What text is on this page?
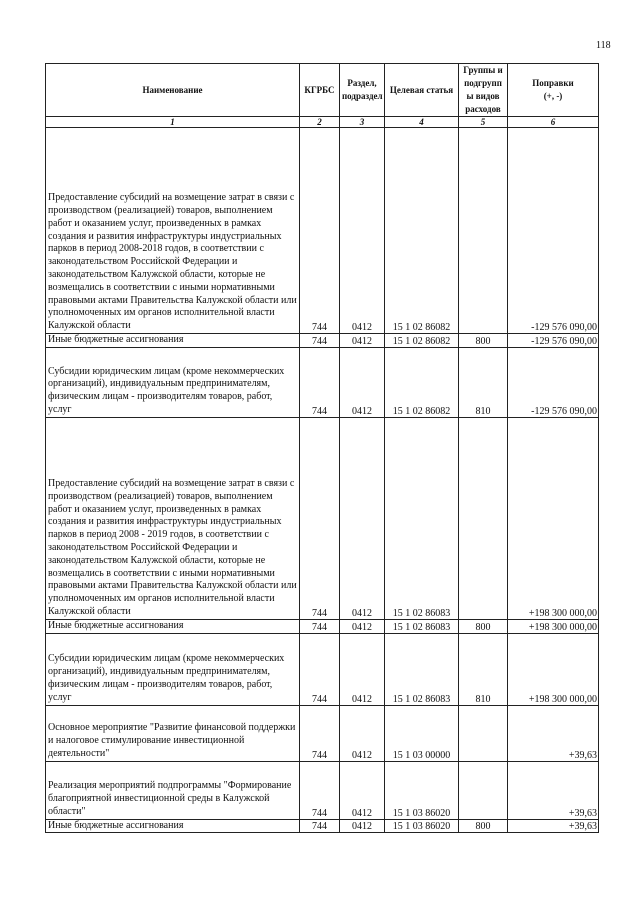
118
Наименование	КГРБС	Раздел, подраздел	Целевая статья	Группы и подгрупп ы видов расходов	Поправки
(+, -)
1	2	3	4	5	6
Предоставление субсидий на возмещение затрат в связи с производством (реализацией) товаров, выполнением работ и оказанием услуг, произведенных в рамках создания и развития инфраструктуры индустриальных парков в период 2008-2018 годов, в соответствии с законодательством Российской Федерации и законодательством Калужской области, которые не возмещались в соответствии с иными нормативными правовыми актами Правительства Калужской области или уполномоченных им органов исполнительной власти Калужской области	744	0412	15 1 02 86082		-129 576 090,00
Иные бюджетные ассигнования	744	0412	15 1 02 86082	800	-129 576 090,00
Субсидии юридическим лицам (кроме некоммерческих организаций), индивидуальным предпринимателям, физическим лицам - производителям товаров, работ, услуг	744	0412	15 1 02 86082	810	-129 576 090,00
Предоставление субсидий на возмещение затрат в связи с производством (реализацией) товаров, выполнением работ и оказанием услуг, произведенных в рамках создания и развития инфраструктуры индустриальных парков в период 2008 - 2019 годов, в соответствии с законодательством Российской Федерации и законодательством Калужской области, которые не возмещались в соответствии с иными нормативными правовыми актами Правительства Калужской области или уполномоченных им органов исполнительной власти Калужской области	744	0412	15 1 02 86083		+198 300 000,00
Иные бюджетные ассигнования	744	0412	15 1 02 86083	800	+198 300 000,00
Субсидии юридическим лицам (кроме некоммерческих организаций), индивидуальным предпринимателям, физическим лицам - производителям товаров, работ, услуг	744	0412	15 1 02 86083	810	+198 300 000,00
Основное мероприятие "Развитие финансовой поддержки и налоговое стимулирование инвестиционной деятельности"	744	0412	15 1 03 00000		+39,63
Реализация мероприятий подпрограммы "Формирование благоприятной инвестиционной среды в Калужской области"	744	0412	15 1 03 86020		+39,63
Иные бюджетные ассигнования	744	0412	15 1 03 86020	800	+39,63
